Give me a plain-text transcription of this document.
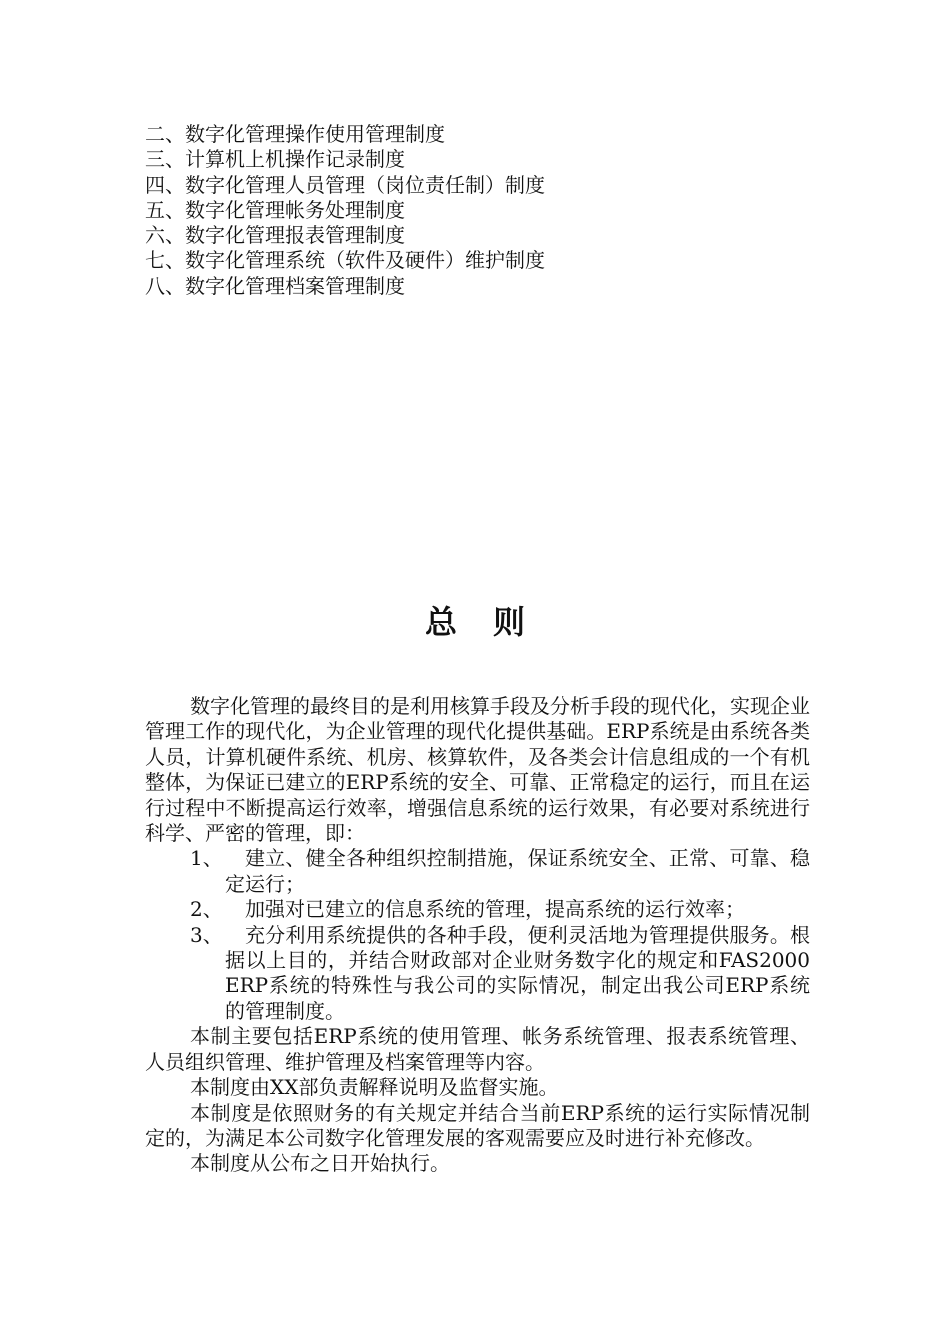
二、数字化管理操作使用管理制度
三、计算机上机操作记录制度
四、数字化管理人员管理（岗位责任制）制度
五、数字化管理帐务处理制度
六、数字化管理报表管理制度
七、数字化管理系统（软件及硬件）维护制度
八、数字化管理档案管理制度
总则

数字化管理的最终目的是利用核算手段及分析手段的现代化，实现企业管理工作的现代化，为企业管理的现代化提供基础。ERP系统是由系统各类人员，计算机硬件系统、机房、核算软件，及各类会计信息组成的一个有机整体，为保证已建立的ERP系统的安全、可靠、正常稳定的运行，而且在运行过程中不断提高运行效率，增强信息系统的运行效果，有必要对系统进行科学、严密的管理，即：

1、	建立、健全各种组织控制措施，保证系统安全、正常、可靠、稳定运行；
2、	加强对已建立的信息系统的管理，提高系统的运行效率；
3、	充分利用系统提供的各种手段，便利灵活地为管理提供服务。根据以上目的，并结合财政部对企业财务数字化的规定和FAS2000 ERP系统的特殊性与我公司的实际情况，制定出我公司ERP系统的管理制度。

本制主要包括ERP系统的使用管理、帐务系统管理、报表系统管理、人员组织管理、维护管理及档案管理等内容。

本制度由XX部负责解释说明及监督实施。

本制度是依照财务的有关规定并结合当前ERP系统的运行实际情况制定的，为满足本公司数字化管理发展的客观需要应及时进行补充修改。

本制度从公布之日开始执行。
